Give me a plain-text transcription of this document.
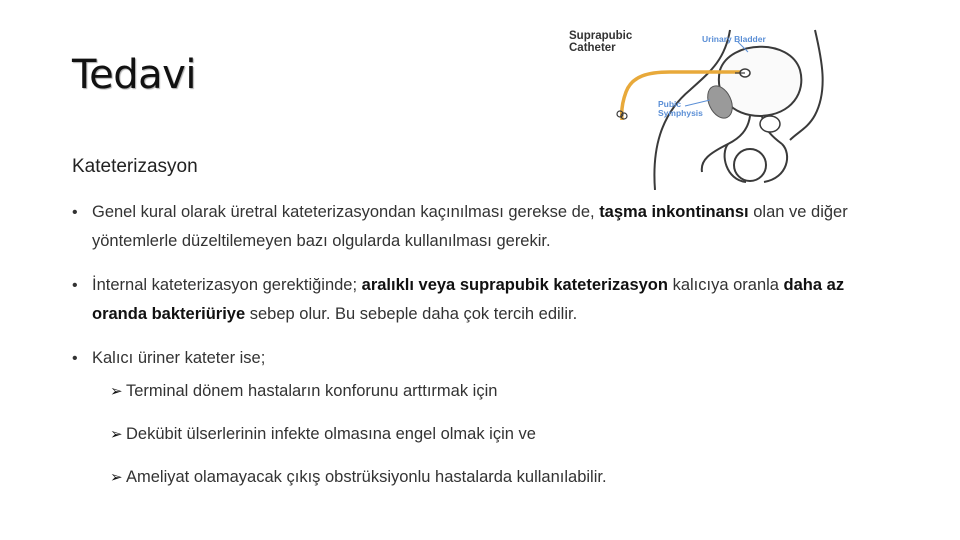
Tedavi
Kateterizasyon
• Genel kural olarak üretral kateterizasyondan kaçınılması gerekse de, taşma inkontinansı olan ve diğer yöntemlerle düzeltilemeyen bazı olgularda kullanılması gerekir.
• İnternal kateterizasyon gerektiğinde; aralıklı veya suprapubik kateterizasyon kalıcıya oranla daha az oranda bakteriüriye sebep olur. Bu sebeple daha çok tercih edilir.
• Kalıcı üriner kateter ise;
➢ Terminal dönem hastaların konforunu arttırmak için
➢ Dekübit ülserlerinin infekte olmasına engel olmak için ve
➢ Ameliyat olamayacak çıkış obstrüksiyonlu hastalarda kullanılabilir.
Suprapubic
Catheter
Urinary Bladder
Pubic
Symphysis
